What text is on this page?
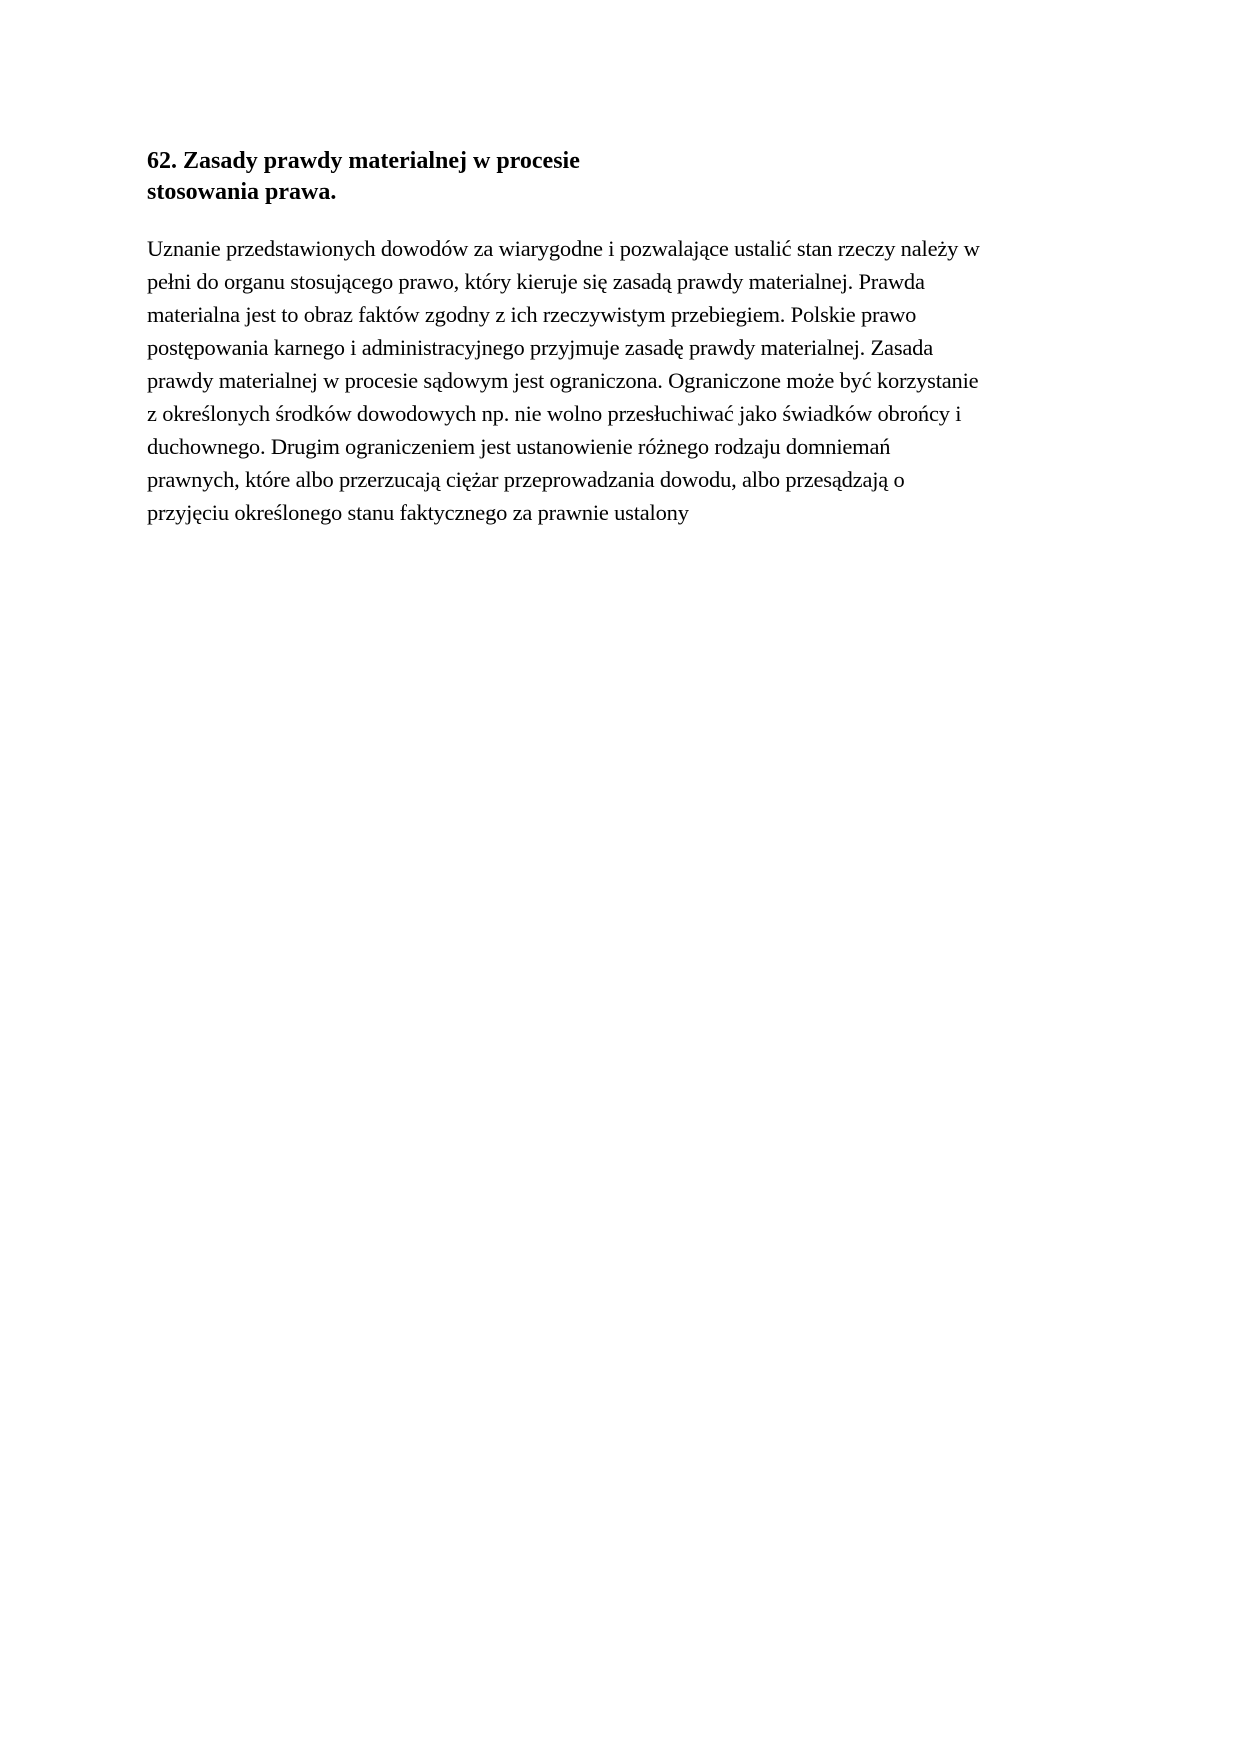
62. Zasady prawdy materialnej w procesie
stosowania prawa.
Uznanie przedstawionych dowodów za wiarygodne i pozwalające ustalić stan rzeczy należy w
pełni do organu stosującego prawo, który kieruje się zasadą prawdy materialnej. Prawda
materialna jest to obraz faktów zgodny z ich rzeczywistym przebiegiem. Polskie prawo
postępowania karnego i administracyjnego przyjmuje zasadę prawdy materialnej. Zasada
prawdy materialnej w procesie sądowym jest ograniczona. Ograniczone może być korzystanie
z określonych środków dowodowych np. nie wolno przesłuchiwać jako świadków obrońcy i
duchownego. Drugim ograniczeniem jest ustanowienie różnego rodzaju domniemań
prawnych, które albo przerzucają ciężar przeprowadzania dowodu, albo przesądzają o
przyjęciu określonego stanu faktycznego za prawnie ustalony
